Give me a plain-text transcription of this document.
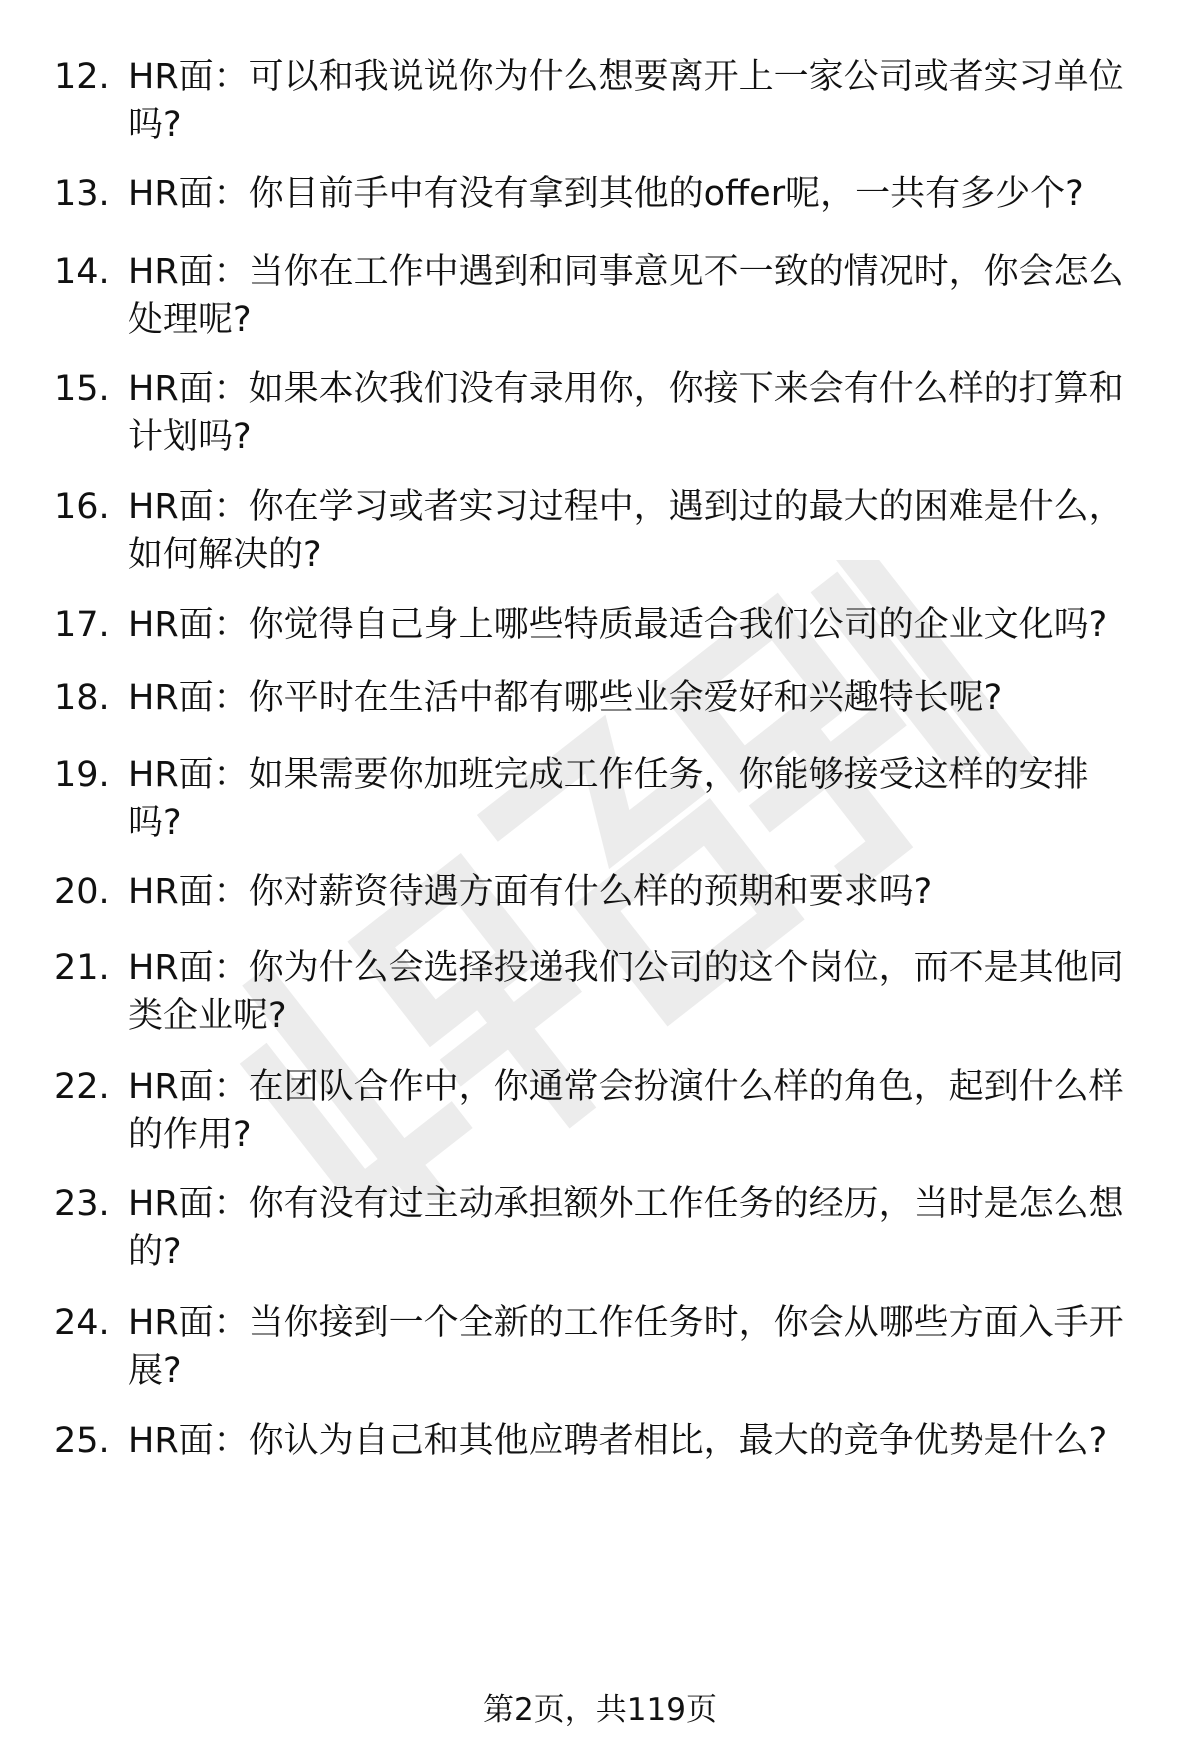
12. HR面：可以和我说说你为什么想要离开上一家公司或者实习单位
吗?
13. HR面：你目前手中有没有拿到其他的offer呢，一共有多少个?
14. HR面：当你在工作中遇到和同事意见不一致的情况时，你会怎么
处理呢?
15. HR面：如果本次我们没有录用你，你接下来会有什么样的打算和
计划吗?
16. HR面：你在学习或者实习过程中，遇到过的最大的困难是什么，
如何解决的?
17. HR面：你觉得自己身上哪些特质最适合我们公司的企业文化吗?
18. HR面：你平时在生活中都有哪些业余爱好和兴趣特长呢?
19. HR面：如果需要你加班完成工作任务，你能够接受这样的安排
吗?
20. HR面：你对薪资待遇方面有什么样的预期和要求吗?
21. HR面：你为什么会选择投递我们公司的这个岗位，而不是其他同
类企业呢?
22. HR面：在团队合作中，你通常会扮演什么样的角色，起到什么样
的作用?
23. HR面：你有没有过主动承担额外工作任务的经历，当时是怎么想
的?
24. HR面：当你接到一个全新的工作任务时，你会从哪些方面入手开
展?
25. HR面：你认为自己和其他应聘者相比，最大的竞争优势是什么?
第2页，共119页
